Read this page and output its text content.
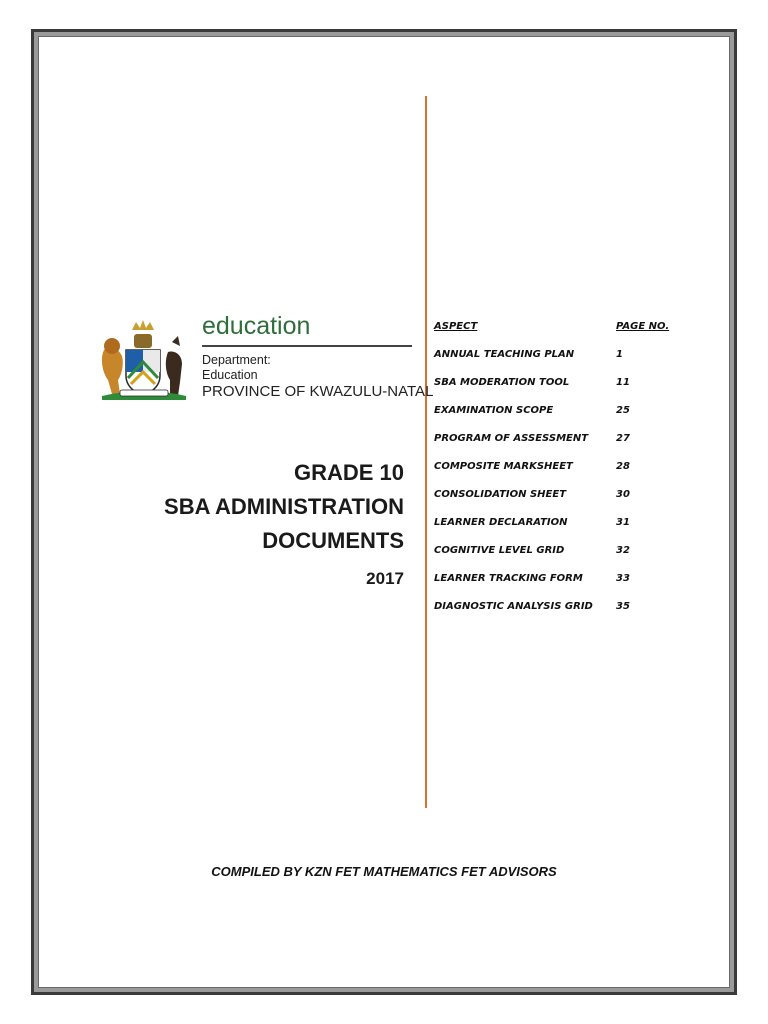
education
Department:
Education
PROVINCE OF KWAZULU-NATAL
GRADE 10
SBA ADMINISTRATION
DOCUMENTS
2017
ASPECT	PAGE NO.
ANNUAL TEACHING PLAN	1
SBA MODERATION TOOL	11
EXAMINATION SCOPE	25
PROGRAM OF ASSESSMENT	27
COMPOSITE MARKSHEET	28
CONSOLIDATION SHEET	30
LEARNER DECLARATION	31
COGNITIVE LEVEL GRID	32
LEARNER TRACKING FORM	33
DIAGNOSTIC ANALYSIS GRID 35
COMPILED BY KZN FET MATHEMATICS FET ADVISORS
